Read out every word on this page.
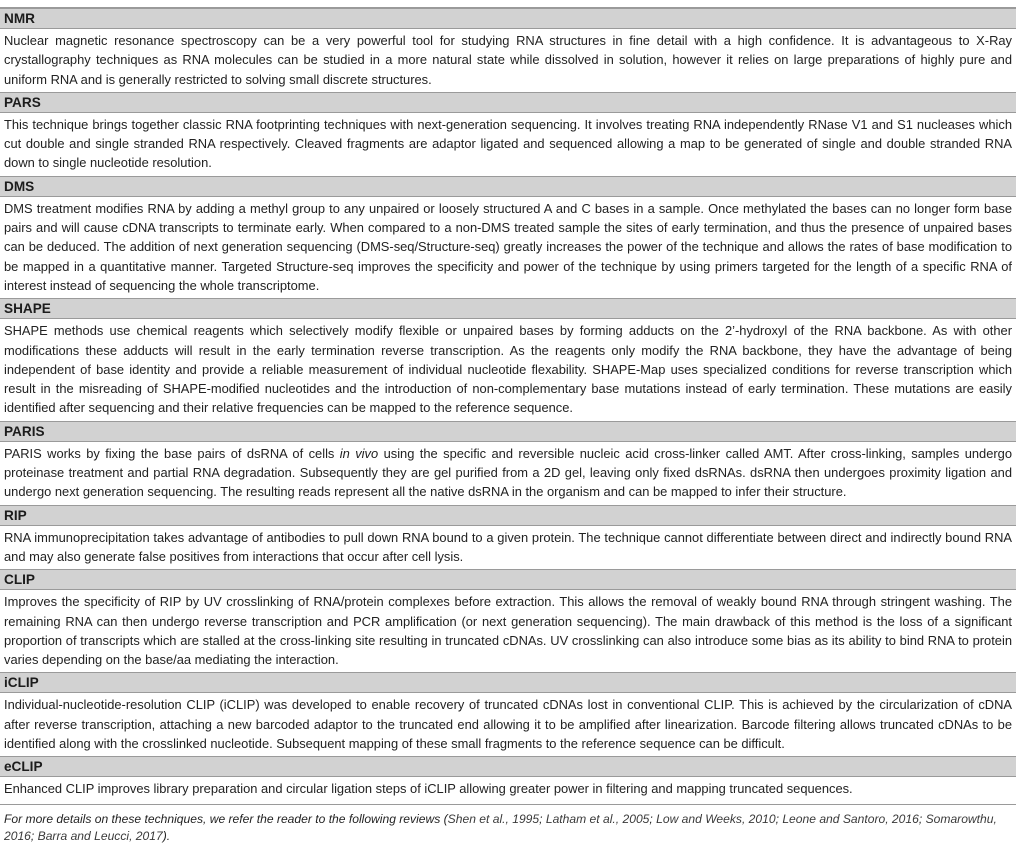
NMR
Nuclear magnetic resonance spectroscopy can be a very powerful tool for studying RNA structures in fine detail with a high confidence. It is advantageous to X-Ray crystallography techniques as RNA molecules can be studied in a more natural state while dissolved in solution, however it relies on large preparations of highly pure and uniform RNA and is generally restricted to solving small discrete structures.
PARS
This technique brings together classic RNA footprinting techniques with next-generation sequencing. It involves treating RNA independently RNase V1 and S1 nucleases which cut double and single stranded RNA respectively. Cleaved fragments are adaptor ligated and sequenced allowing a map to be generated of single and double stranded RNA down to single nucleotide resolution.
DMS
DMS treatment modifies RNA by adding a methyl group to any unpaired or loosely structured A and C bases in a sample. Once methylated the bases can no longer form base pairs and will cause cDNA transcripts to terminate early. When compared to a non-DMS treated sample the sites of early termination, and thus the presence of unpaired bases can be deduced. The addition of next generation sequencing (DMS-seq/Structure-seq) greatly increases the power of the technique and allows the rates of base modification to be mapped in a quantitative manner. Targeted Structure-seq improves the specificity and power of the technique by using primers targeted for the length of a specific RNA of interest instead of sequencing the whole transcriptome.
SHAPE
SHAPE methods use chemical reagents which selectively modify flexible or unpaired bases by forming adducts on the 2’-hydroxyl of the RNA backbone. As with other modifications these adducts will result in the early termination reverse transcription. As the reagents only modify the RNA backbone, they have the advantage of being independent of base identity and provide a reliable measurement of individual nucleotide flexability. SHAPE-Map uses specialized conditions for reverse transcription which result in the misreading of SHAPE-modified nucleotides and the introduction of non-complementary base mutations instead of early termination. These mutations are easily identified after sequencing and their relative frequencies can be mapped to the reference sequence.
PARIS
PARIS works by fixing the base pairs of dsRNA of cells in vivo using the specific and reversible nucleic acid cross-linker called AMT. After cross-linking, samples undergo proteinase treatment and partial RNA degradation. Subsequently they are gel purified from a 2D gel, leaving only fixed dsRNAs. dsRNA then undergoes proximity ligation and undergo next generation sequencing. The resulting reads represent all the native dsRNA in the organism and can be mapped to infer their structure.
RIP
RNA immunoprecipitation takes advantage of antibodies to pull down RNA bound to a given protein. The technique cannot differentiate between direct and indirectly bound RNA and may also generate false positives from interactions that occur after cell lysis.
CLIP
Improves the specificity of RIP by UV crosslinking of RNA/protein complexes before extraction. This allows the removal of weakly bound RNA through stringent washing. The remaining RNA can then undergo reverse transcription and PCR amplification (or next generation sequencing). The main drawback of this method is the loss of a significant proportion of transcripts which are stalled at the cross-linking site resulting in truncated cDNAs. UV crosslinking can also introduce some bias as its ability to bind RNA to protein varies depending on the base/aa mediating the interaction.
iCLIP
Individual-nucleotide-resolution CLIP (iCLIP) was developed to enable recovery of truncated cDNAs lost in conventional CLIP. This is achieved by the circularization of cDNA after reverse transcription, attaching a new barcoded adaptor to the truncated end allowing it to be amplified after linearization. Barcode filtering allows truncated cDNAs to be identified along with the crosslinked nucleotide. Subsequent mapping of these small fragments to the reference sequence can be difficult.
eCLIP
Enhanced CLIP improves library preparation and circular ligation steps of iCLIP allowing greater power in filtering and mapping truncated sequences.
For more details on these techniques, we refer the reader to the following reviews (Shen et al., 1995; Latham et al., 2005; Low and Weeks, 2010; Leone and Santoro, 2016; Somarowthu, 2016; Barra and Leucci, 2017).
